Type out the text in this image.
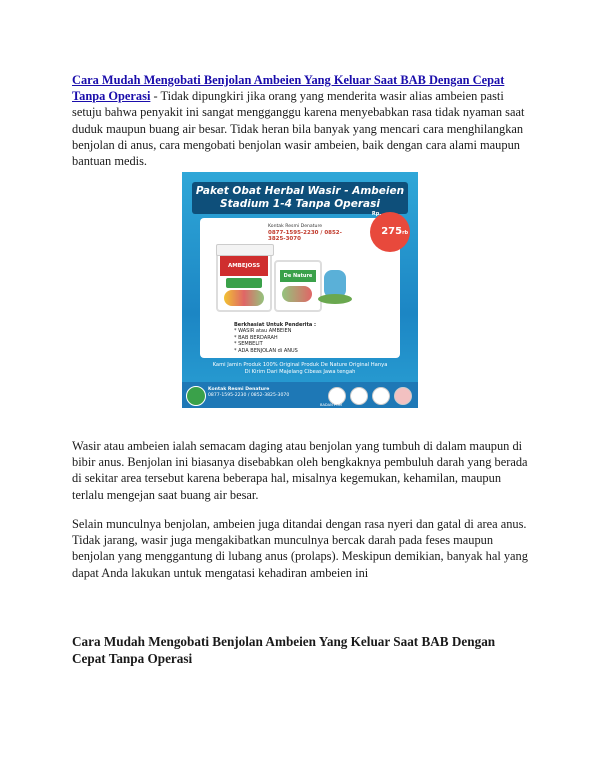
Cara Mudah Mengobati Benjolan Ambeien Yang Keluar Saat BAB Dengan Cepat Tanpa Operasi - Tidak dipungkiri jika orang yang menderita wasir alias ambeien pasti setuju bahwa penyakit ini sangat mengganggu karena menyebabkan rasa tidak nyaman saat duduk maupun buang air besar. Tidak heran bila banyak yang mencari cara menghilangkan benjolan di anus, cara mengobati benjolan wasir ambeien, baik dengan cara alami maupun bantuan medis.

Paket Obat Herbal Wasir - Ambeien
Stadium 1-4 Tanpa Operasi
$^{Rp.}$275rb
Kontak Resmi Denature
0877-1595-2230 / 0852-3825-3070
AMBEJOSS
De Nature
Berkhasiat Untuk Penderita :
* WASIR atau AMBEIEN
* BAB BERDARAH
* SEMBELIT
* ADA BENJOLAN di ANUS
Kami Jamin Produk 100% Original Produk De Nature Original Hanya
Di Kirim Dari Majelang Cibeas Jawa tengah
Kontak Resmi Denature
0877-1595-2230 / 0852-3825-3070
BADAN POM

Wasir atau ambeien ialah semacam daging atau benjolan yang tumbuh di dalam maupun di bibir anus. Benjolan ini biasanya disebabkan oleh bengkaknya pembuluh darah yang berada di sekitar area tersebut karena beberapa hal, misalnya kegemukan, kehamilan, maupun terlalu mengejan saat buang air besar.

Selain munculnya benjolan, ambeien juga ditandai dengan rasa nyeri dan gatal di area anus. Tidak jarang, wasir juga mengakibatkan munculnya bercak darah pada feses maupun benjolan yang menggantung di lubang anus (prolaps). Meskipun demikian, banyak hal yang dapat Anda lakukan untuk mengatasi kehadiran ambeien ini

Cara Mudah Mengobati Benjolan Ambeien Yang Keluar Saat BAB Dengan Cepat Tanpa Operasi
